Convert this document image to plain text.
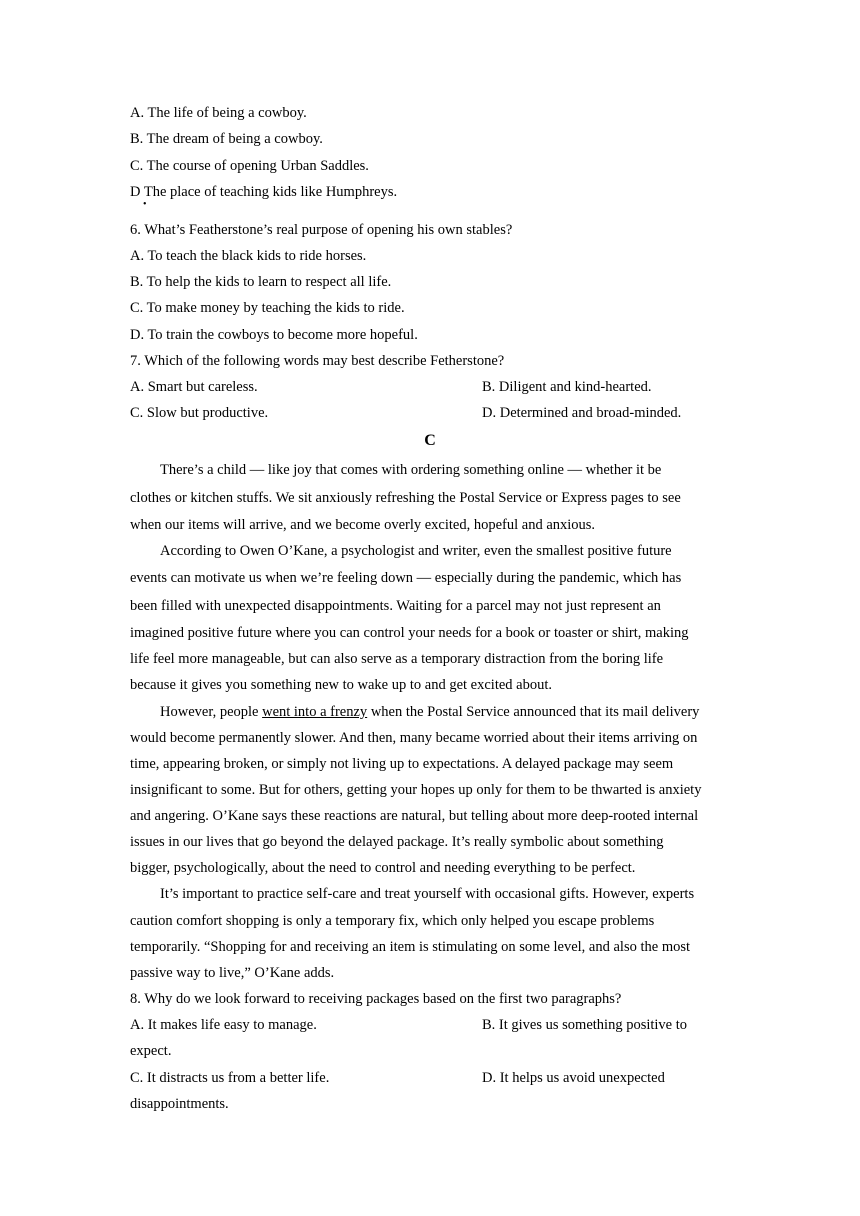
A. The life of being a cowboy.
B. The dream of being a cowboy.
C. The course of opening Urban Saddles.
D The place of teaching kids like Humphreys.
•
6. What’s Featherstone’s real purpose of opening his own stables?
A. To teach the black kids to ride horses.
B. To help the kids to learn to respect all life.
C. To make money by teaching the kids to ride.
D. To train the cowboys to become more hopeful.
7. Which of the following words may best describe Fetherstone?
A. Smart but careless.	B. Diligent and kind-hearted.
C. Slow but productive.	D. Determined and broad-minded.
C
There’s a child — like joy that comes with ordering something online — whether it be
clothes or kitchen stuffs. We sit anxiously refreshing the Postal Service or Express pages to see
when our items will arrive, and we become overly excited, hopeful and anxious.
According to Owen O’Kane, a psychologist and writer, even the smallest positive future
events can motivate us when we’re feeling down — especially during the pandemic, which has
been filled with unexpected disappointments. Waiting for a parcel may not just represent an
imagined positive future where you can control your needs for a book or toaster or shirt, making
life feel more manageable, but can also serve as a temporary distraction from the boring life
because it gives you something new to wake up to and get excited about.
However, people went into a frenzy when the Postal Service announced that its mail delivery
would become permanently slower. And then, many became worried about their items arriving on
time, appearing broken, or simply not living up to expectations. A delayed package may seem
insignificant to some. But for others, getting your hopes up only for them to be thwarted is anxiety
and angering. O’Kane says these reactions are natural, but telling about more deep-rooted internal
issues in our lives that go beyond the delayed package. It’s really symbolic about something
bigger, psychologically, about the need to control and needing everything to be perfect.
It’s important to practice self-care and treat yourself with occasional gifts. However, experts
caution comfort shopping is only a temporary fix, which only helped you escape problems
temporarily. “Shopping for and receiving an item is stimulating on some level, and also the most
passive way to live,” O’Kane adds.
8. Why do we look forward to receiving packages based on the first two paragraphs?
A. It makes life easy to manage.	B. It gives us something positive to
expect.
C. It distracts us from a better life.	D. It helps us avoid unexpected
disappointments.
